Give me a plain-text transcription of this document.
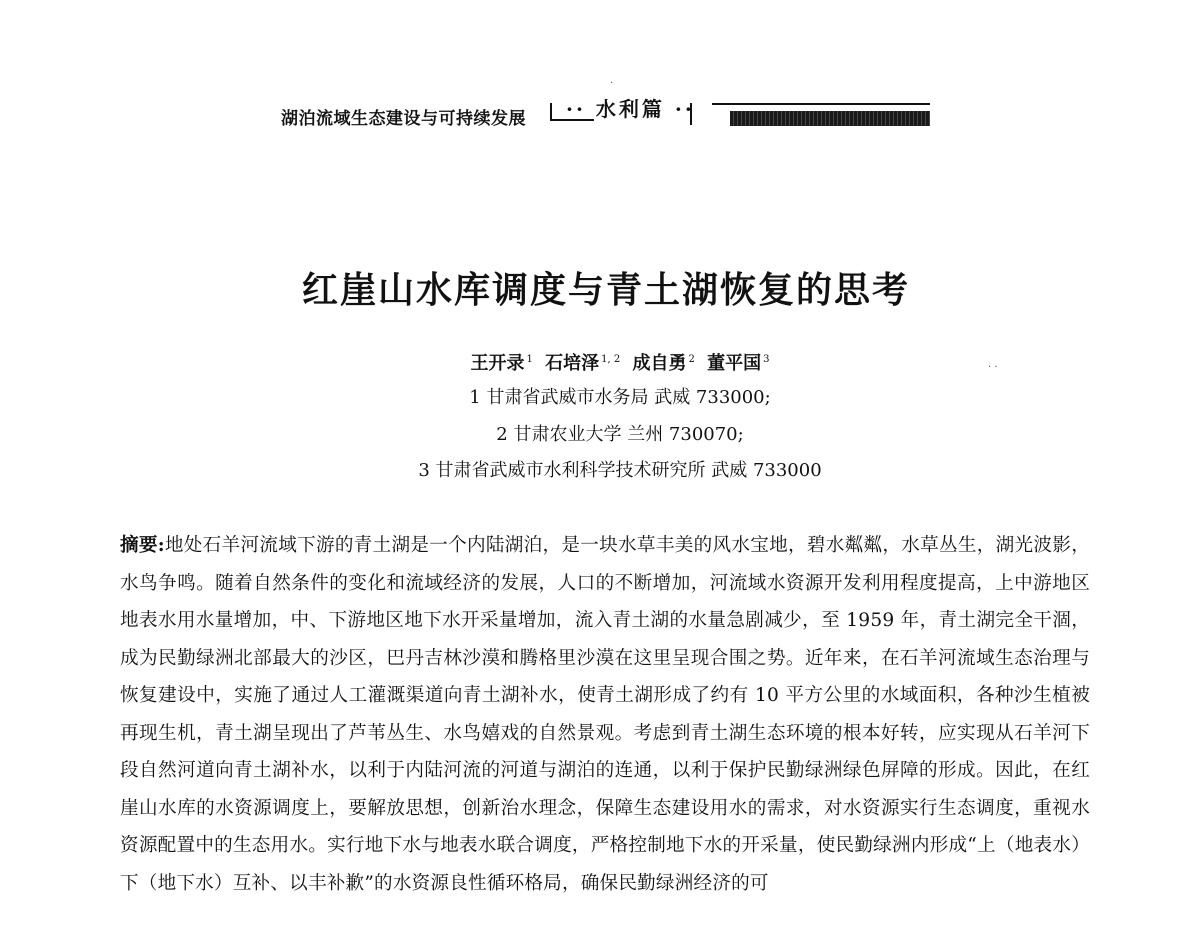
湖泊流域生态建设与可持续发展 ·· 水利篇 ··
·
· ·
红崖山水库调度与青土湖恢复的思考
王开录 $^1$ 石培泽 $^{1, 2}$ 成自勇 $^2$ 董平国 $^3$
1 甘肃省武威市水务局 武威 733000;
2 甘肃农业大学 兰州 730070;
3 甘肃省武威市水利科学技术研究所 武威 733000
摘要:地处石羊河流域下游的青土湖是一个内陆湖泊，是一块水草丰美的风水宝地，碧水粼粼，水草丛生，湖光波影，水鸟争鸣。随着自然条件的变化和流域经济的发展，人口的不断增加，河流域水资源开发利用程度提高，上中游地区地表水用水量增加，中、下游地区地下水开采量增加，流入青土湖的水量急剧减少，至 1959 年，青土湖完全干涸，成为民勤绿洲北部最大的沙区，巴丹吉林沙漠和腾格里沙漠在这里呈现合围之势。近年来，在石羊河流域生态治理与恢复建设中，实施了通过人工灌溉渠道向青土湖补水，使青土湖形成了约有 10 平方公里的水域面积，各种沙生植被再现生机，青土湖呈现出了芦苇丛生、水鸟嬉戏的自然景观。考虑到青土湖生态环境的根本好转，应实现从石羊河下段自然河道向青土湖补水，以利于内陆河流的河道与湖泊的连通，以利于保护民勤绿洲绿色屏障的形成。因此，在红崖山水库的水资源调度上，要解放思想，创新治水理念，保障生态建设用水的需求，对水资源实行生态调度，重视水资源配置中的生态用水。实行地下水与地表水联合调度，严格控制地下水的开采量，使民勤绿洲内形成“上（地表水）下（地下水）互补、以丰补歉”的水资源良性循环格局，确保民勤绿洲经济的可
